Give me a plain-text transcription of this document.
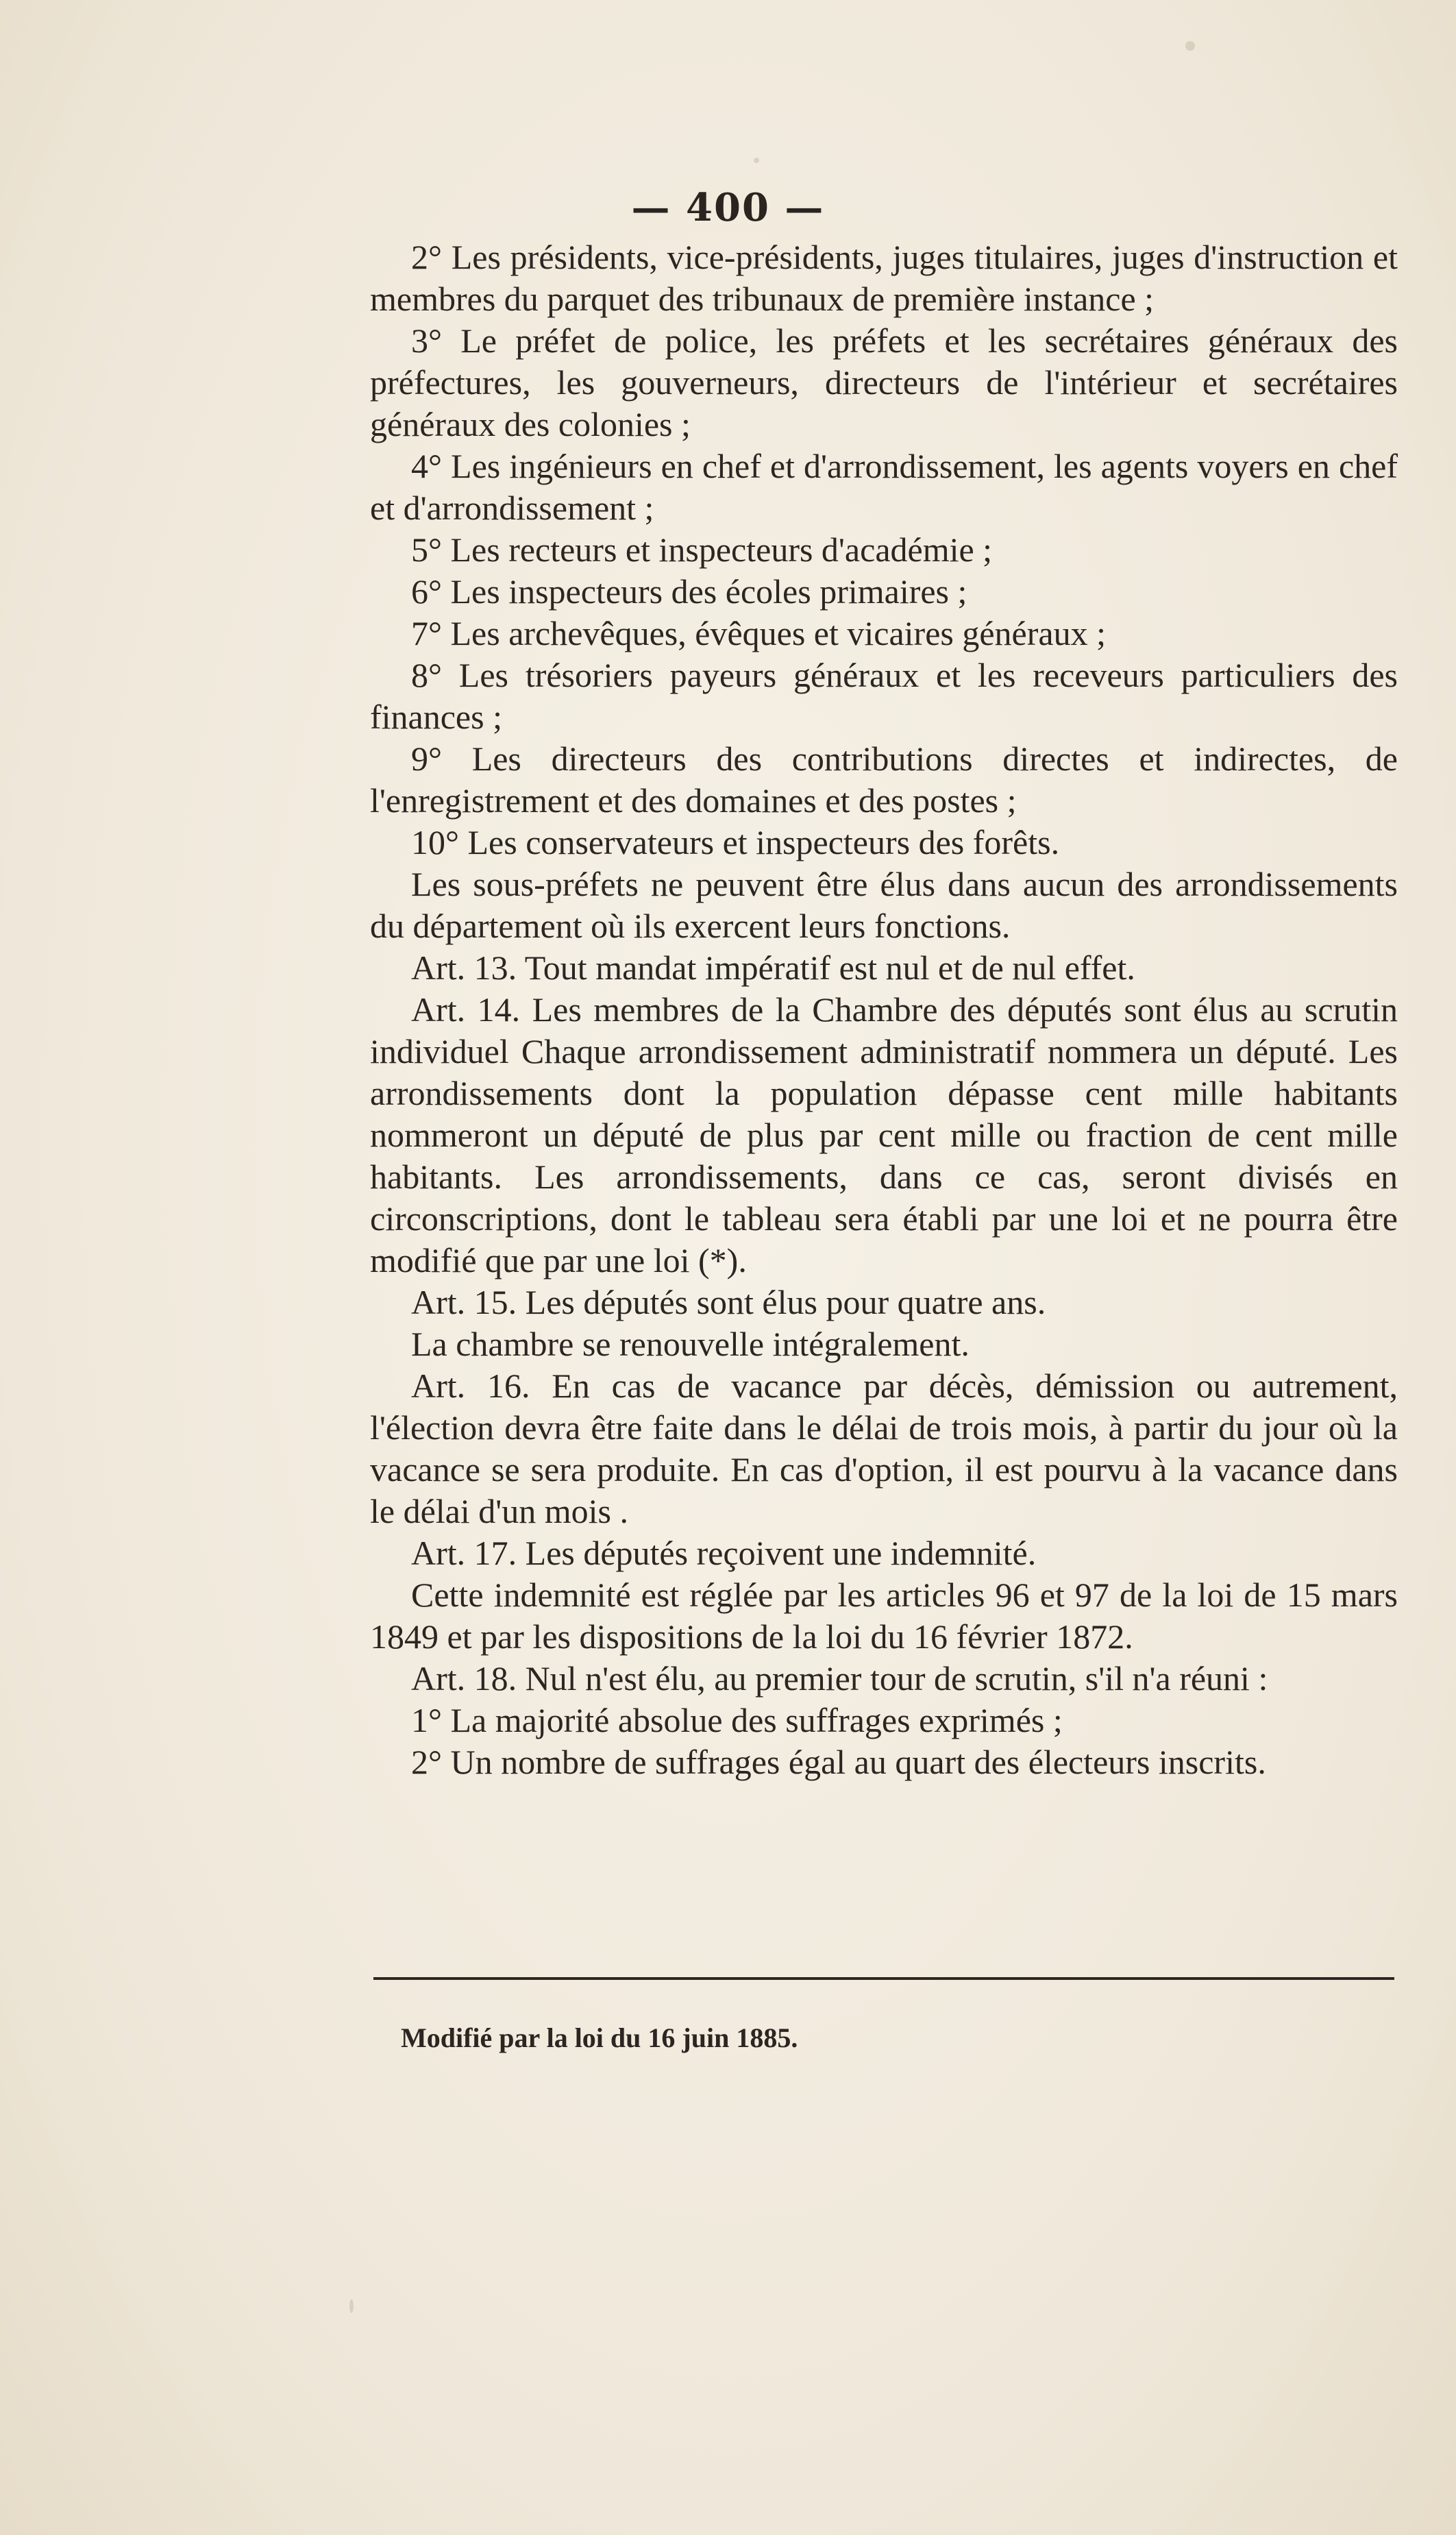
— 400 —

2° Les présidents, vice-présidents, juges titulaires, juges d'instruction et membres du parquet des tribunaux de première instance ;

3° Le préfet de police, les préfets et les secrétaires généraux des préfectures, les gouverneurs, directeurs de l'intérieur et secrétaires généraux des colonies ;

4° Les ingénieurs en chef et d'arrondissement, les agents voyers en chef et d'arrondissement ;

5° Les recteurs et inspecteurs d'académie ;

6° Les inspecteurs des écoles primaires ;

7° Les archevêques, évêques et vicaires généraux ;

8° Les trésoriers payeurs généraux et les receveurs particuliers des finances ;

9° Les directeurs des contributions directes et indirectes, de l'enregistrement et des domaines et des postes ;

10° Les conservateurs et inspecteurs des forêts.

Les sous-préfets ne peuvent être élus dans aucun des arrondissements du département où ils exercent leurs fonctions.

Art. 13. Tout mandat impératif est nul et de nul effet.

Art. 14. Les membres de la Chambre des députés sont élus au scrutin individuel Chaque arrondissement administratif nommera un député. Les arrondissements dont la population dépasse cent mille habitants nommeront un député de plus par cent mille ou fraction de cent mille habitants. Les arrondissements, dans ce cas, seront divisés en circonscriptions, dont le tableau sera établi par une loi et ne pourra être modifié que par une loi (*).

Art. 15. Les députés sont élus pour quatre ans.

La chambre se renouvelle intégralement.

Art. 16. En cas de vacance par décès, démission ou autrement, l'élection devra être faite dans le délai de trois mois, à partir du jour où la vacance se sera produite. En cas d'option, il est pourvu à la vacance dans le délai d'un mois .

Art. 17. Les députés reçoivent une indemnité.

Cette indemnité est réglée par les articles 96 et 97 de la loi de 15 mars 1849 et par les dispositions de la loi du 16 février 1872.

Art. 18. Nul n'est élu, au premier tour de scrutin, s'il n'a réuni :

1° La majorité absolue des suffrages exprimés ;

2° Un nombre de suffrages égal au quart des électeurs inscrits.

Modifié par la loi du 16 juin 1885.
